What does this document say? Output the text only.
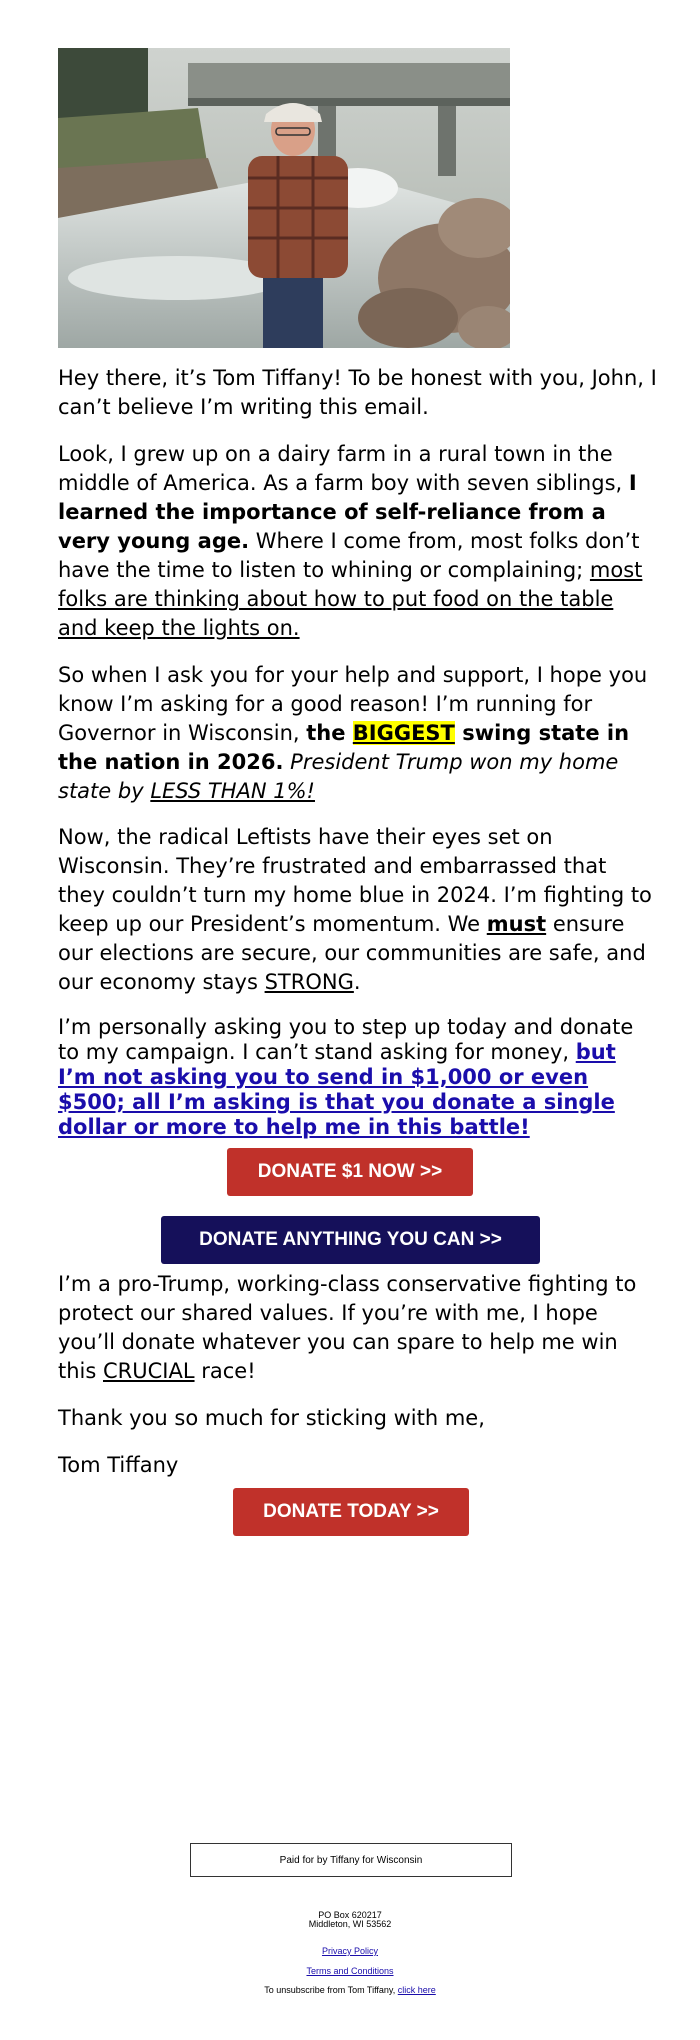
Hey there, it’s Tom Tiffany! To be honest with you, John, I can’t believe I’m writing this email.

Look, I grew up on a dairy farm in a rural town in the middle of America. As a farm boy with seven siblings, I learned the importance of self-reliance from a very young age. Where I come from, most folks don’t have the time to listen to whining or complaining; most folks are thinking about how to put food on the table and keep the lights on.

So when I ask you for your help and support, I hope you know I’m asking for a good reason! I’m running for Governor in Wisconsin, the BIGGEST swing state in the nation in 2026. President Trump won my home state by LESS THAN 1%!

Now, the radical Leftists have their eyes set on Wisconsin. They’re frustrated and embarrassed that they couldn’t turn my home blue in 2024. I’m fighting to keep up our President’s momentum. We must ensure our elections are secure, our communities are safe, and our economy stays STRONG.

I’m personally asking you to step up today and donate to my campaign. I can’t stand asking for money, but I’m not asking you to send in $1,000 or even $500; all I’m asking is that you donate a single dollar or more to help me in this battle!

DONATE $1 NOW >>
DONATE ANYTHING YOU CAN >>

I’m a pro-Trump, working-class conservative fighting to protect our shared values. If you’re with me, I hope you’ll donate whatever you can spare to help me win this CRUCIAL race!

Thank you so much for sticking with me,

Tom Tiffany

DONATE TODAY >>
Paid for by Tiffany for Wisconsin
PO Box 620217
Middleton, WI 53562
Privacy Policy
Terms and Conditions
To unsubscribe from Tom Tiffany, click here
